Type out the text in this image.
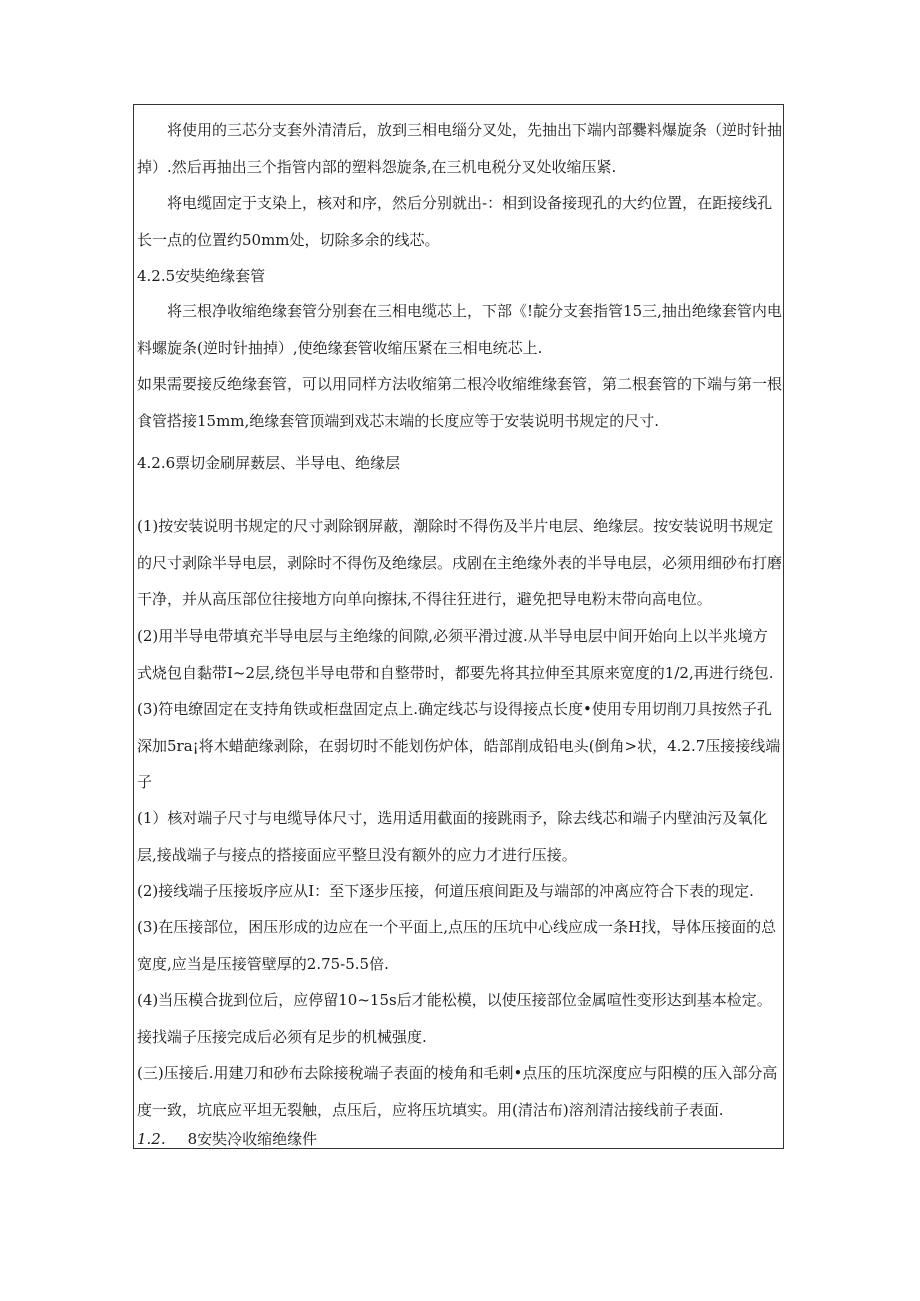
将使用的三芯分支套外清清后，放到三相电缁分叉处，先抽出下端内部爨料爆旋条（逆时针抽掉）.然后再抽出三个指管内部的塑料怨旋条,在三机电税分叉处收缩压紧.

将电缆固定于支染上，核对和序，然后分别就出-：相到设备接现孔的大约位置，在距接线孔长一点的位置约50mm处，切除多余的线芯。

4.2.5安奘绝缘套管

将三根净收缩绝缘套管分别套在三相电缆芯上，下部《!靛分支套指管15三,抽出绝缘套管内电料螺旋条(逆时针抽掉）,使绝缘套管收缩压紧在三相电统芯上.

如果需要接反绝缘套管，可以用同样方法收缩第二根冷收缩维缘套管，第二根套管的下端与第一根食管搭接15mm,绝缘套管顶端到戏芯末端的长度应等于安装说明书规定的尺寸.

4.2.6票切金刷屏薮层、半导电、绝缘层

(1)按安装说明书规定的尺寸剥除钢屏蔽，潮除时不得伤及半片电层、绝缘层。按安装说明书规定的尺寸剥除半导电层，剥除时不得伤及绝缘层。戌剧在主绝缘外表的半导电层，必须用细砂布打磨干净，并从高压部位往接地方向单向擦抹,不得往狂进行，避免把导电粉末带向高电位。

(2)用半导电带填充半导电层与主绝缘的间隙,必须平滑过渡.从半导电层中间开始向上以半兆境方式烧包自黏带I~2层,绕包半导电带和自整带时，都要先将其拉伸至其原来宽度的1/2,再进行绕包.

(3)符电缭固定在支持角铁或柜盘固定点上.确定线芯与设得接点长度•使用专用切削刀具按然子孔深加5ra¡将木蜡葩缘剥除，在弱切时不能划伤炉体，皓部削成铅电头(倒角>状，4.2.7压接接线端子

(1）核对端子尺寸与电缆导体尺寸，选用适用截面的接跳雨予，除去线芯和端子内壁油污及氧化层,接战端子与接点的搭接面应平整旦没有额外的应力才进行压接。

(2)接线端子压接坂序应从I：至下逐步压接，何道压痕间距及与端部的冲离应符合下表的现定.

(3)在压接部位，困压形成的边应在一个平面上,点压的压坑中心线应成一条H找，导体压接面的总宽度,应当是压接管壁厚的2.75-5.5倍.

(4)当压模合拢到位后，应停留10~15s后才能松模，以使压接部位金属喧性变形达到基本检定。接找端子压接完成后必须有足步的机械强度.

(三)压接后.用建刀和砂布去除接稅端子表面的棱角和毛刺•点压的压坑深度应与阳模的压入部分高度一致，坑底应平坦无裂触，点压后，应将压坑填实。用(清沽布)溶剂清沽接线前子表面.

1.2. 8安奘冷收缩绝缘件
